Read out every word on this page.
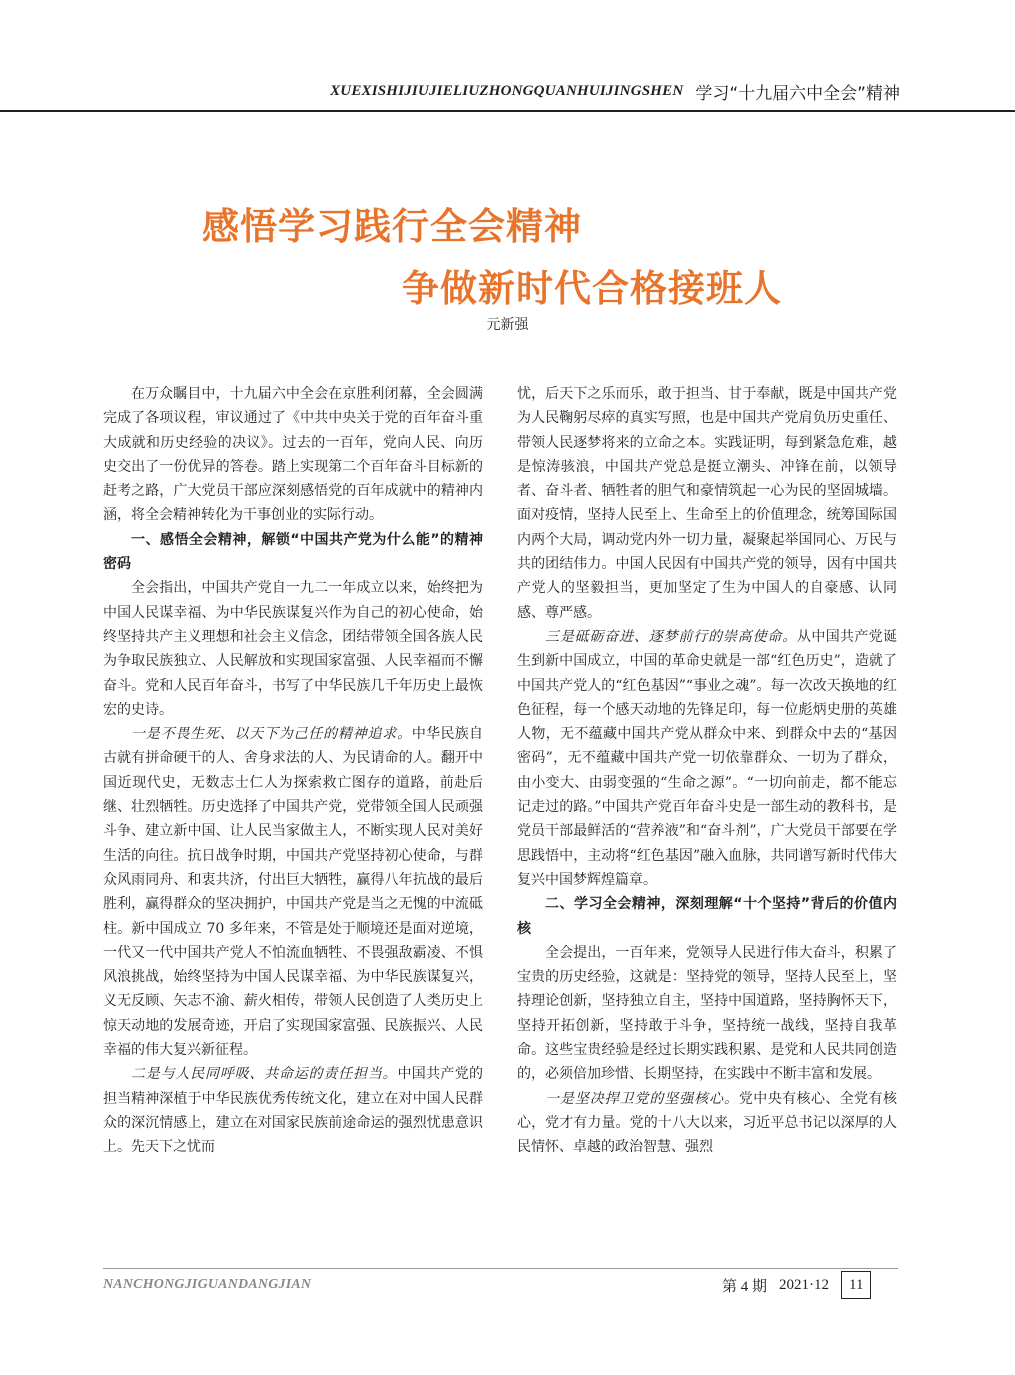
XUEXISHIJIUJIELIUZHONGQUANHUIJINGSHEN 学习“十九届六中全会”精神
感悟学习践行全会精神
争做新时代合格接班人
元新强

在万众瞩目中，十九届六中全会在京胜利闭幕，全会圆满完成了各项议程，审议通过了《中共中央关于党的百年奋斗重大成就和历史经验的决议》。过去的一百年，党向人民、向历史交出了一份优异的答卷。踏上实现第二个百年奋斗目标新的赶考之路，广大党员干部应深刻感悟党的百年成就中的精神内涵，将全会精神转化为干事创业的实际行动。

一、感悟全会精神，解锁“中国共产党为什么能”的精神密码

全会指出，中国共产党自一九二一年成立以来，始终把为中国人民谋幸福、为中华民族谋复兴作为自己的初心使命，始终坚持共产主义理想和社会主义信念，团结带领全国各族人民为争取民族独立、人民解放和实现国家富强、人民幸福而不懈奋斗。党和人民百年奋斗，书写了中华民族几千年历史上最恢宏的史诗。

一是不畏生死、以天下为己任的精神追求。中华民族自古就有拼命硬干的人、舍身求法的人、为民请命的人。翻开中国近现代史，无数志士仁人为探索救亡图存的道路，前赴后继、壮烈牺牲。历史选择了中国共产党，党带领全国人民顽强斗争、建立新中国、让人民当家做主人，不断实现人民对美好生活的向往。抗日战争时期，中国共产党坚持初心使命，与群众风雨同舟、和衷共济，付出巨大牺牲，赢得八年抗战的最后胜利，赢得群众的坚决拥护，中国共产党是当之无愧的中流砥柱。新中国成立 70 多年来，不管是处于顺境还是面对逆境，一代又一代中国共产党人不怕流血牺牲、不畏强敌霸凌、不惧风浪挑战，始终坚持为中国人民谋幸福、为中华民族谋复兴，义无反顾、矢志不渝、薪火相传，带领人民创造了人类历史上惊天动地的发展奇迹，开启了实现国家富强、民族振兴、人民幸福的伟大复兴新征程。

二是与人民同呼吸、共命运的责任担当。中国共产党的担当精神深植于中华民族优秀传统文化，建立在对中国人民群众的深沉情感上，建立在对国家民族前途命运的强烈忧患意识上。先天下之忧而

忧，后天下之乐而乐，敢于担当、甘于奉献，既是中国共产党为人民鞠躬尽瘁的真实写照，也是中国共产党肩负历史重任、带领人民逐梦将来的立命之本。实践证明，每到紧急危难，越是惊涛骇浪，中国共产党总是挺立潮头、冲锋在前，以领导者、奋斗者、牺牲者的胆气和豪情筑起一心为民的坚固城墙。面对疫情，坚持人民至上、生命至上的价值理念，统筹国际国内两个大局，调动党内外一切力量，凝聚起举国同心、万民与共的团结伟力。中国人民因有中国共产党的领导，因有中国共产党人的坚毅担当，更加坚定了生为中国人的自豪感、认同感、尊严感。

三是砥砺奋进、逐梦前行的崇高使命。从中国共产党诞生到新中国成立，中国的革命史就是一部“红色历史”，造就了中国共产党人的“红色基因”“事业之魂”。每一次改天换地的红色征程，每一个感天动地的先锋足印，每一位彪炳史册的英雄人物，无不蕴藏中国共产党从群众中来、到群众中去的“基因密码”，无不蕴藏中国共产党一切依靠群众、一切为了群众，由小变大、由弱变强的“生命之源”。“一切向前走，都不能忘记走过的路。”中国共产党百年奋斗史是一部生动的教科书，是党员干部最鲜活的“营养液”和“奋斗剂”，广大党员干部要在学思践悟中，主动将“红色基因”融入血脉，共同谱写新时代伟大复兴中国梦辉煌篇章。

二、学习全会精神，深刻理解“十个坚持”背后的价值内核

全会提出，一百年来，党领导人民进行伟大奋斗，积累了宝贵的历史经验，这就是：坚持党的领导，坚持人民至上，坚持理论创新，坚持独立自主，坚持中国道路，坚持胸怀天下，坚持开拓创新，坚持敢于斗争，坚持统一战线，坚持自我革命。这些宝贵经验是经过长期实践积累、是党和人民共同创造的，必须倍加珍惜、长期坚持，在实践中不断丰富和发展。

一是坚决捍卫党的坚强核心。党中央有核心、全党有核心，党才有力量。党的十八大以来，习近平总书记以深厚的人民情怀、卓越的政治智慧、强烈

NANCHONGJIGUANDANGJIAN	第 4 期 2021·12	11
